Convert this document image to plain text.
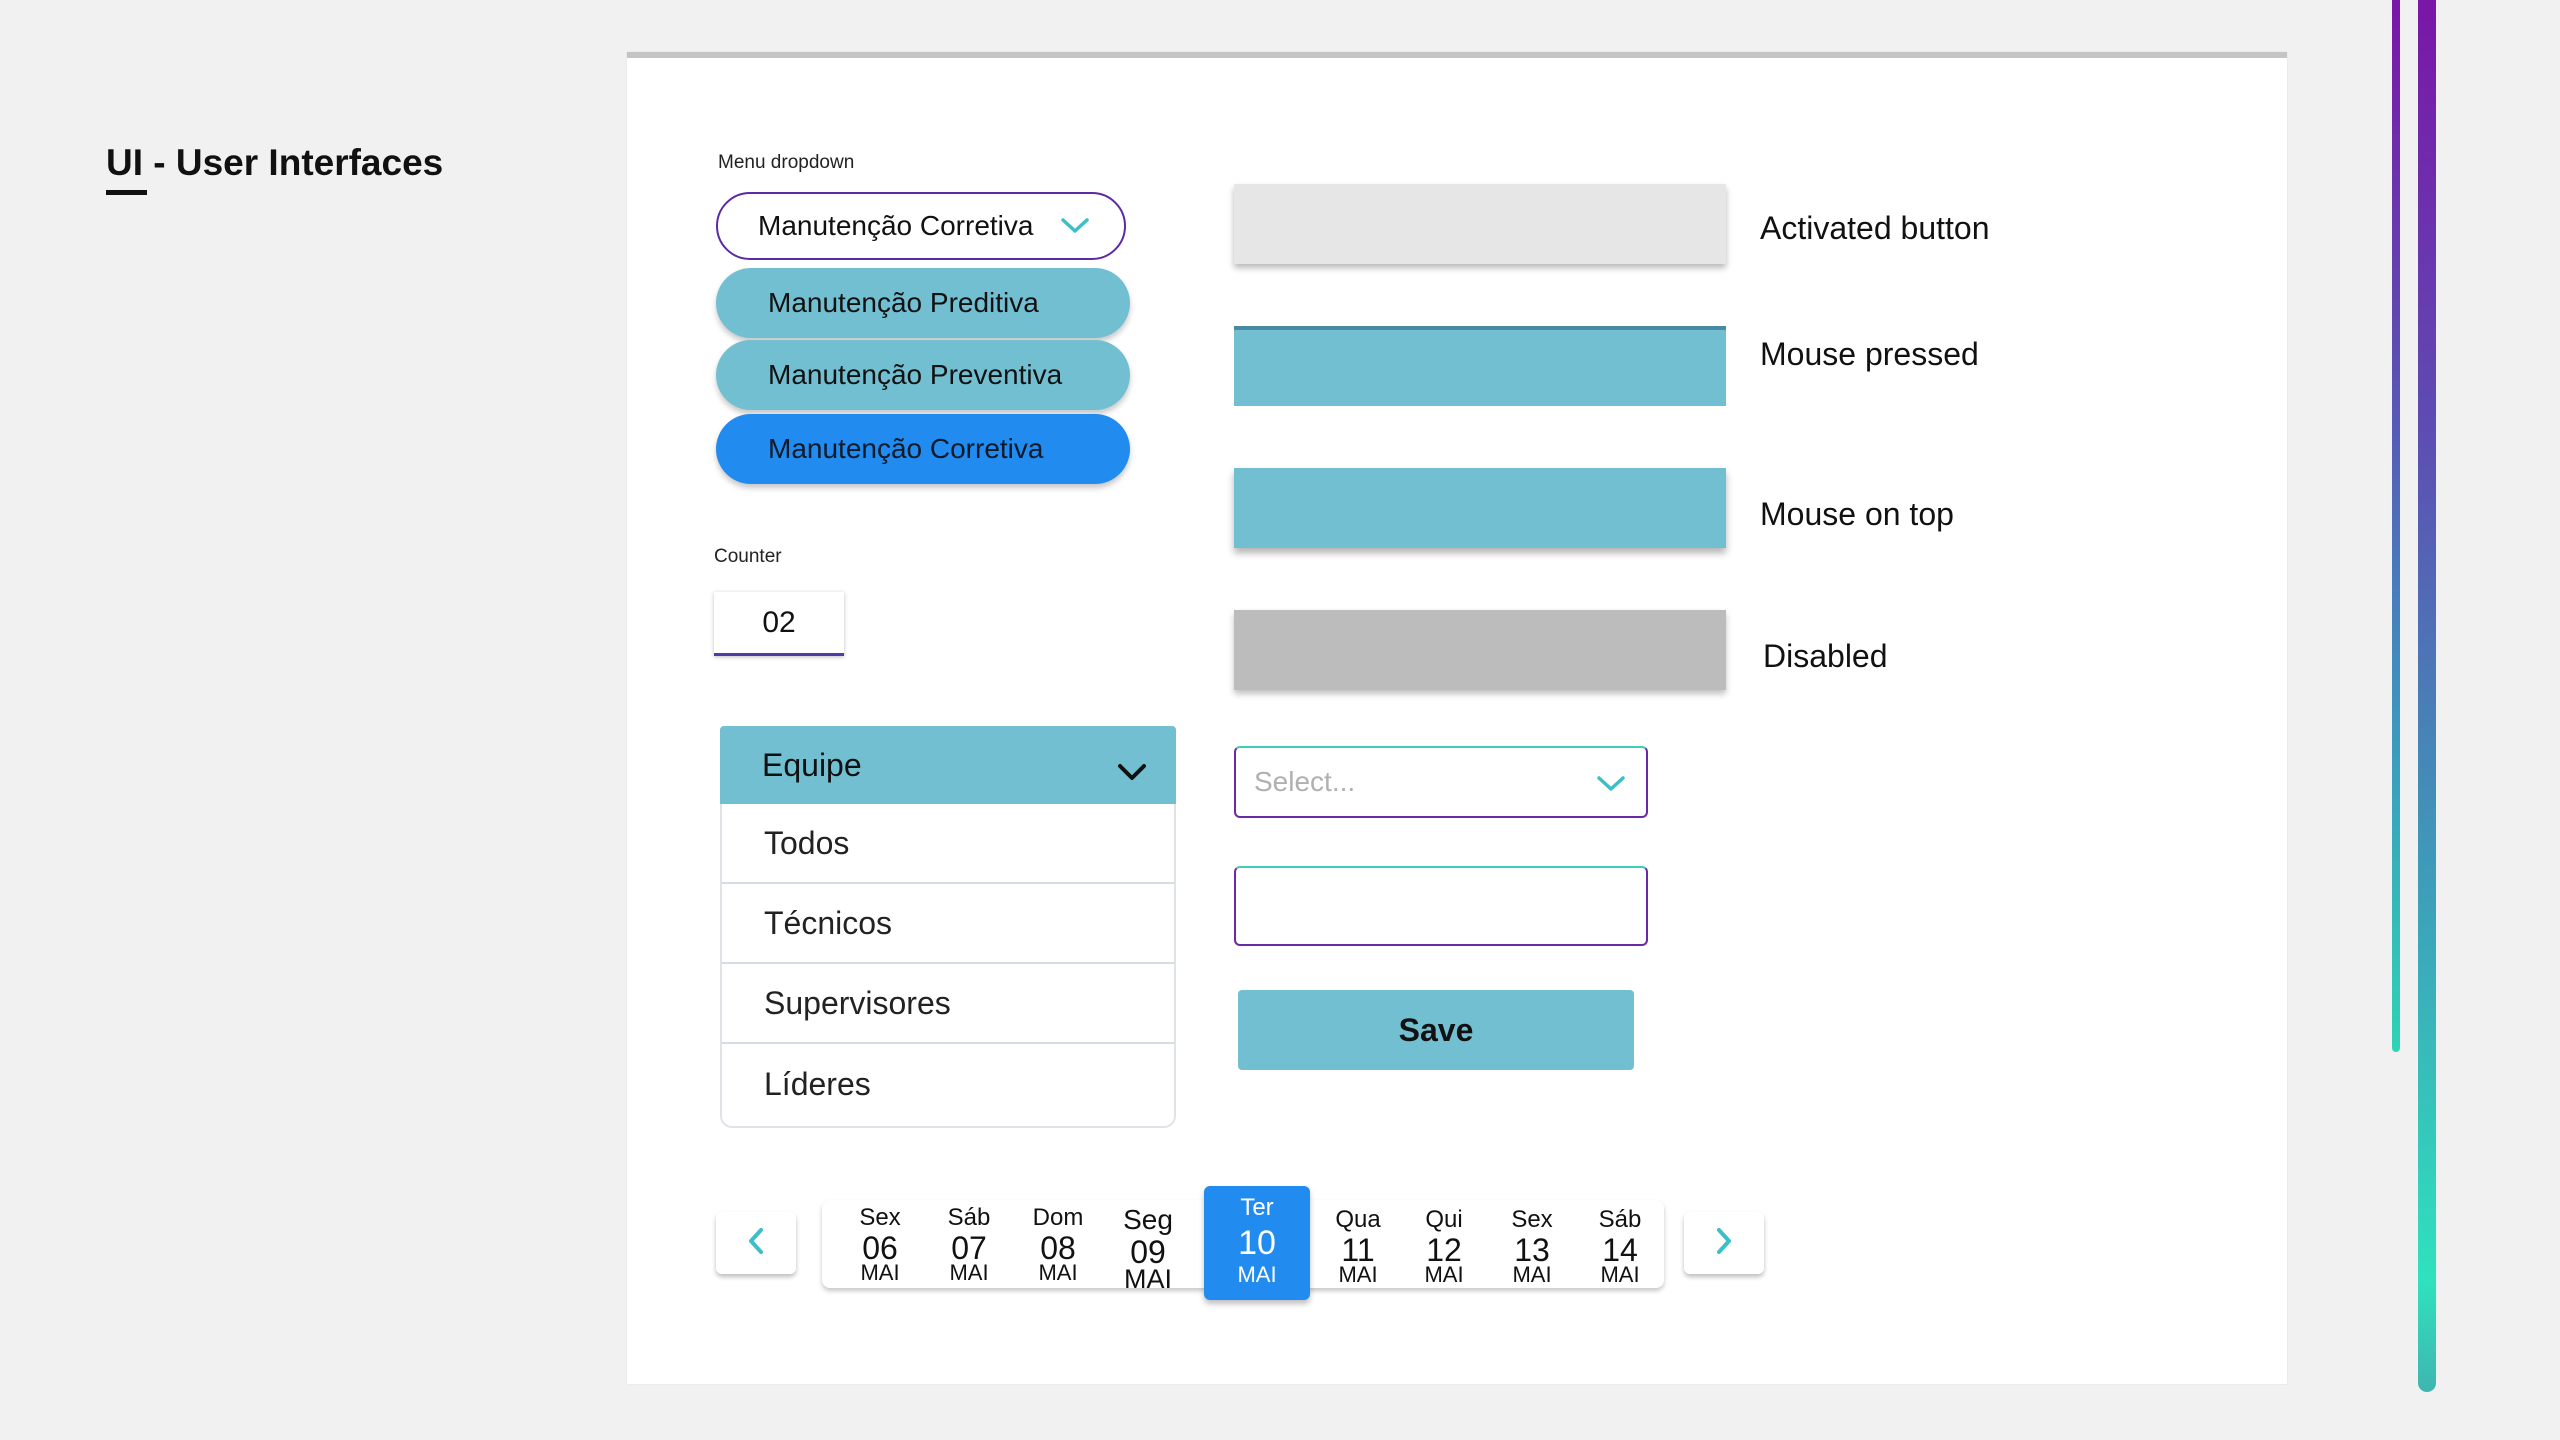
UI - User Interfaces	Menu dropdown
Manutenção Corretiva
Manutenção Preditiva
Manutenção Preventiva
Manutenção Corretiva
Counter
02
Equipe
Todos
Técnicos
Supervisores
Líderes
Activated button
Mouse pressed
Mouse on top
Disabled
Select...
Save
Sex
06
MAI
Sáb
07
MAI
Dom
08
MAI
Seg
09
MAI
Ter
10
MAI
Qua
11
MAI
Qui
12
MAI
Sex
13
MAI
Sáb
14
MAI
